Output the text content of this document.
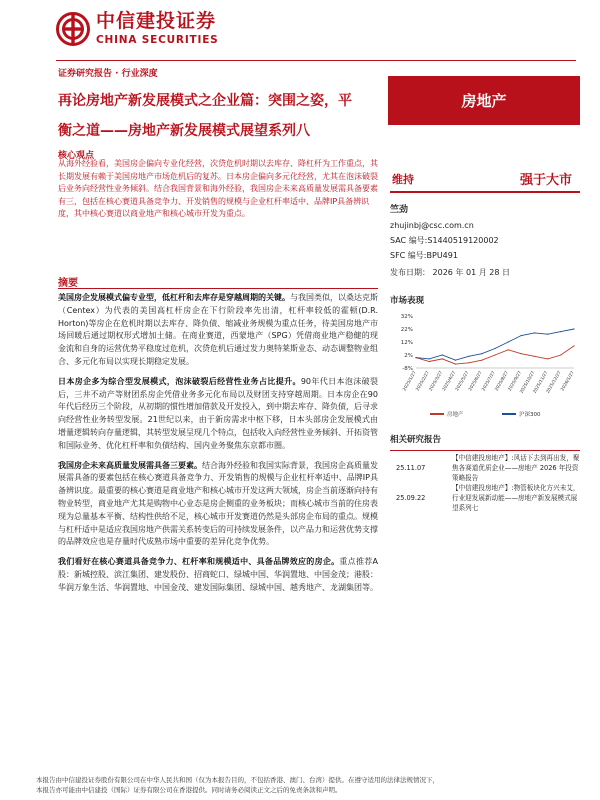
中信建投证券
CHINA SECURITIES
证券研究报告 · 行业深度
再论房地产新发展模式之企业篇：突围之姿，平
衡之道——房地产新发展模式展望系列八
房地产
核心观点
从海外经验看，美国房企偏向专业化经营，次贷危机时期以去库存、降杠杆为工作重点，其长期发展有赖于美国房地产市场危机后的复苏。日本房企偏向多元化经营，尤其在泡沫破裂后业务向经营性业务倾斜。结合我国背景和海外经验，我国房企未来高质量发展需具备要素有三，包括在核心赛道具备竞争力、开发销售的规模与企业杠杆率适中、品牌IP具备辨识度，其中核心赛道以商业地产和核心城市开发为重点。
摘要

美国房企发展模式偏专业型，低杠杆和去库存是穿越周期的关键。与我国类似，以桑达克斯（Centex）为代表的美国高杠杆房企在下行阶段率先出清，杠杆率较低的霍顿(D.R. Horton)等房企在危机时期以去库存、降负债、缩减业务规模为重点任务，待美国房地产市场回暖后通过期权形式增加土储。在商业赛道，西蒙地产（SPG）凭借商业地产稳健的现金流和自身的运营优势平稳度过危机，次贷危机后通过发力奥特莱斯业态、动态调整物业组合、多元化布局以实现长期稳定发展。

日本房企多为综合型发展模式，泡沫破裂后经营性业务占比提升。90年代日本泡沫破裂后，三井不动产等财团系房企凭借业务多元化布局以及财团支持穿越周期。日本房企在90年代后经历三个阶段，从初期的惯性增加借款及开发投入，到中期去库存、降负债，后寻求向经营性业务转型发展。21世纪以来，由于新房需求中枢下移，日本头部房企发展模式由增量逻辑转向存量逻辑，其转型发展呈现几个特点，包括收入向经营性业务倾斜、开拓资管和国际业务、优化杠杆率和负债结构、国内业务聚焦东京都市圈。

我国房企未来高质量发展需具备三要素。结合海外经验和我国实际背景，我国房企高质量发展需具备的要素包括在核心赛道具备竞争力、开发销售的规模与企业杠杆率适中、品牌IP具备辨识度。最重要的核心赛道是商业地产和核心城市开发这两大领域，房企当前逐渐向持有物业转型，商业地产尤其是购物中心业态是房企侧重的业务板块；而核心城市当前的住房表现为总量基本平衡、结构性供给不足，核心城市开发赛道仍然是头部房企布局的重点。规模与杠杆适中是适应我国房地产供需关系转变后的可持续发展条件，以产品力和运营优势支撑的品牌效应也是存量时代成熟市场中重要的差异化竞争优势。

我们看好在核心赛道具备竞争力、杠杆率和规模适中、具备品牌效应的房企。重点推荐A股：新城控股、滨江集团、建发股份、招商蛇口、绿城中国、华润置地、中国金茂；港股：华润万象生活、华润置地、中国金茂、建发国际集团、绿城中国、越秀地产、龙湖集团等。

维持	强于大市
竺劲
zhujinbj@csc.com.cn
SAC 编号:S1440519120002
SFC 编号:BPU491
发布日期： 2026 年 01 月 28 日
市场表现
32%
22%
12%
2%
-8%
2025/1/27
2025/2/27
2025/3/27
2025/4/27
2025/5/27
2025/6/27
2025/7/27
2025/8/27
2025/9/27
2025/10/27
2025/11/27
2025/12/27
2026/1/27
房地产	沪深300
相关研究报告
25.11.07
【中信建投房地产】:风话下去到再出发，聚焦各赛道优质企业——房地产 2026 年投资策略报告
25.09.22
【中信建投房地产】:物管板块化方兴未艾，行业迎发展新动能——房地产新发展模式展望系列七
本报告由中信建投证券股份有限公司在中华人民共和国（仅为本报告目的，不包括香港、澳门、台湾）提供。在遵守适用的法律法规情况下，
本报告亦可能由中信建投（国际）证券有限公司在香港提供。同时请务必阅读正文之后的免责条款和声明。
